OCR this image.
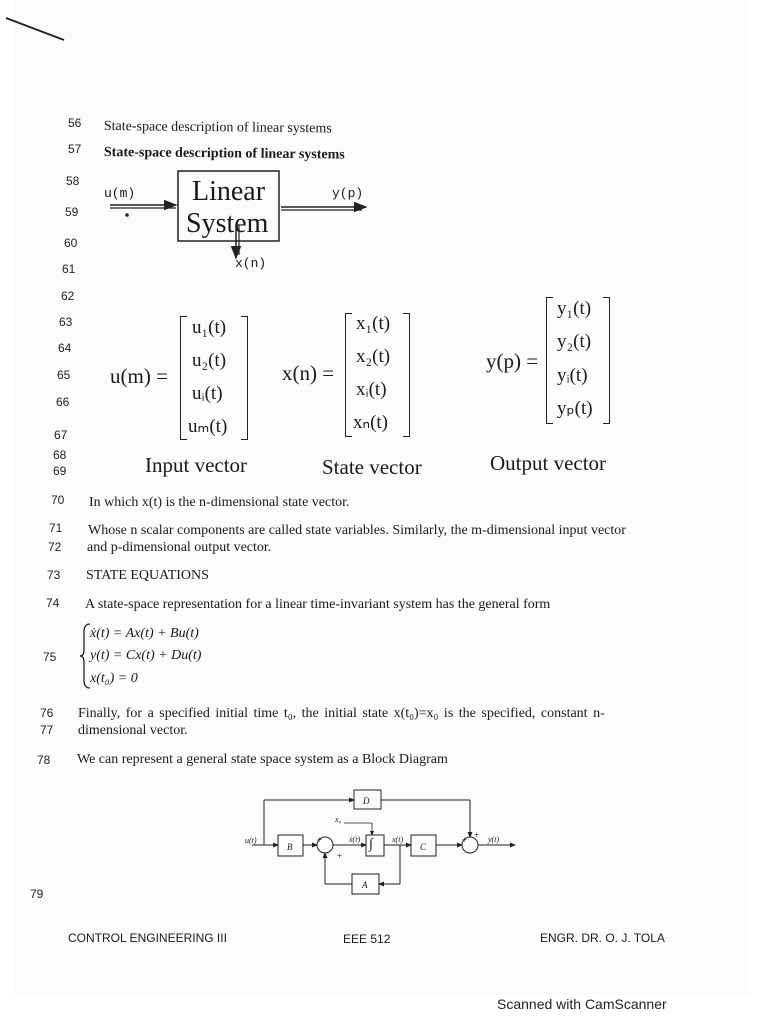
56
57
58
59
60
61
62
63
64
65
66
67
68
69
70
71
72
73
74
75
76
77
78
79
State-space description of linear systems
State-space description of linear systems
u(m)	y(p)
x(n)
Linear
System
u(m) =
u₁(t)
u₂(t)
uᵢ(t)
uₘ(t)
Input vector
x(n) =
x₁(t)
x₂(t)
xᵢ(t)
xₙ(t)
State vector
y(p) =
y₁(t)
y₂(t)
yᵢ(t)
yₚ(t)
Output vector
In which x(t) is the n-dimensional state vector.
Whose n scalar components are called state variables. Similarly, the m-dimensional input vector
and p-dimensional output vector.
STATE EQUATIONS
A state-space representation for a linear time-invariant system has the general form
ẋ(t) = Ax(t) + Bu(t)
y(t) = Cx(t) + Du(t)
x(t₀) = 0
Finally, for a specified initial time t₀, the initial state x(t₀)=x₀ is the specified, constant n-
dimensional vector.
We can represent a general state space system as a Block Diagram
D
B	∫	C
A
u(t)	ẋ(t)	x(t)	y(t)
x₀
+
+
+ +
CONTROL ENGINEERING III	EEE 512	ENGR. DR. O. J. TOLA
Scanned with CamScanner
